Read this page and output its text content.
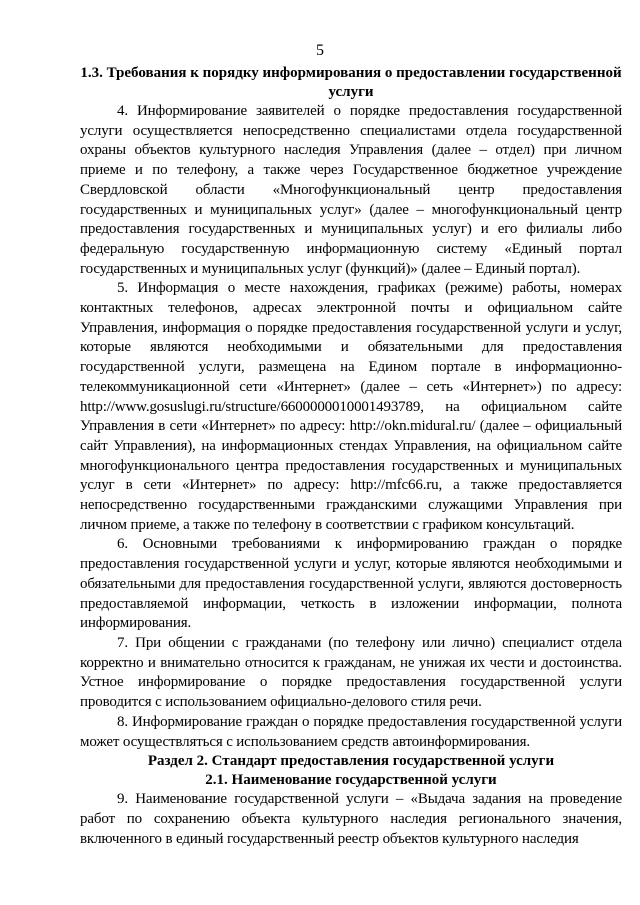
5
1.3. Требования к порядку информирования о предоставлении государственной услуги

4. Информирование заявителей о порядке предоставления государственной услуги осуществляется непосредственно специалистами отдела государственной охраны объектов культурного наследия Управления (далее – отдел) при личном приеме и по телефону, а также через Государственное бюджетное учреждение Свердловской области «Многофункциональный центр предоставления государственных и муниципальных услуг» (далее – многофункциональный центр предоставления государственных и муниципальных услуг) и его филиалы либо федеральную государственную информационную систему «Единый портал государственных и муниципальных услуг (функций)» (далее – Единый портал).

5. Информация о месте нахождения, графиках (режиме) работы, номерах контактных телефонов, адресах электронной почты и официальном сайте Управления, информация о порядке предоставления государственной услуги и услуг, которые являются необходимыми и обязательными для предоставления государственной услуги, размещена на Едином портале в информационно-телекоммуникационной сети «Интернет» (далее – сеть «Интернет») по адресу: http://www.gosuslugi.ru/structure/6600000010001493789, на официальном сайте Управления в сети «Интернет» по адресу: http://okn.midural.ru/ (далее – официальный сайт Управления), на информационных стендах Управления, на официальном сайте многофункционального центра предоставления государственных и муниципальных услуг в сети «Интернет» по адресу: http://mfc66.ru, а также предоставляется непосредственно государственными гражданскими служащими Управления при личном приеме, а также по телефону в соответствии с графиком консультаций.

6. Основными требованиями к информированию граждан о порядке предоставления государственной услуги и услуг, которые являются необходимыми и обязательными для предоставления государственной услуги, являются достоверность предоставляемой информации, четкость в изложении информации, полнота информирования.

7. При общении с гражданами (по телефону или лично) специалист отдела корректно и внимательно относится к гражданам, не унижая их чести и достоинства. Устное информирование о порядке предоставления государственной услуги проводится с использованием официально-делового стиля речи.

8. Информирование граждан о порядке предоставления государственной услуги может осуществляться с использованием средств автоинформирования.

Раздел 2. Стандарт предоставления государственной услуги
2.1. Наименование государственной услуги

9. Наименование государственной услуги – «Выдача задания на проведение работ по сохранению объекта культурного наследия регионального значения, включенного в единый государственный реестр объектов культурного наследия
